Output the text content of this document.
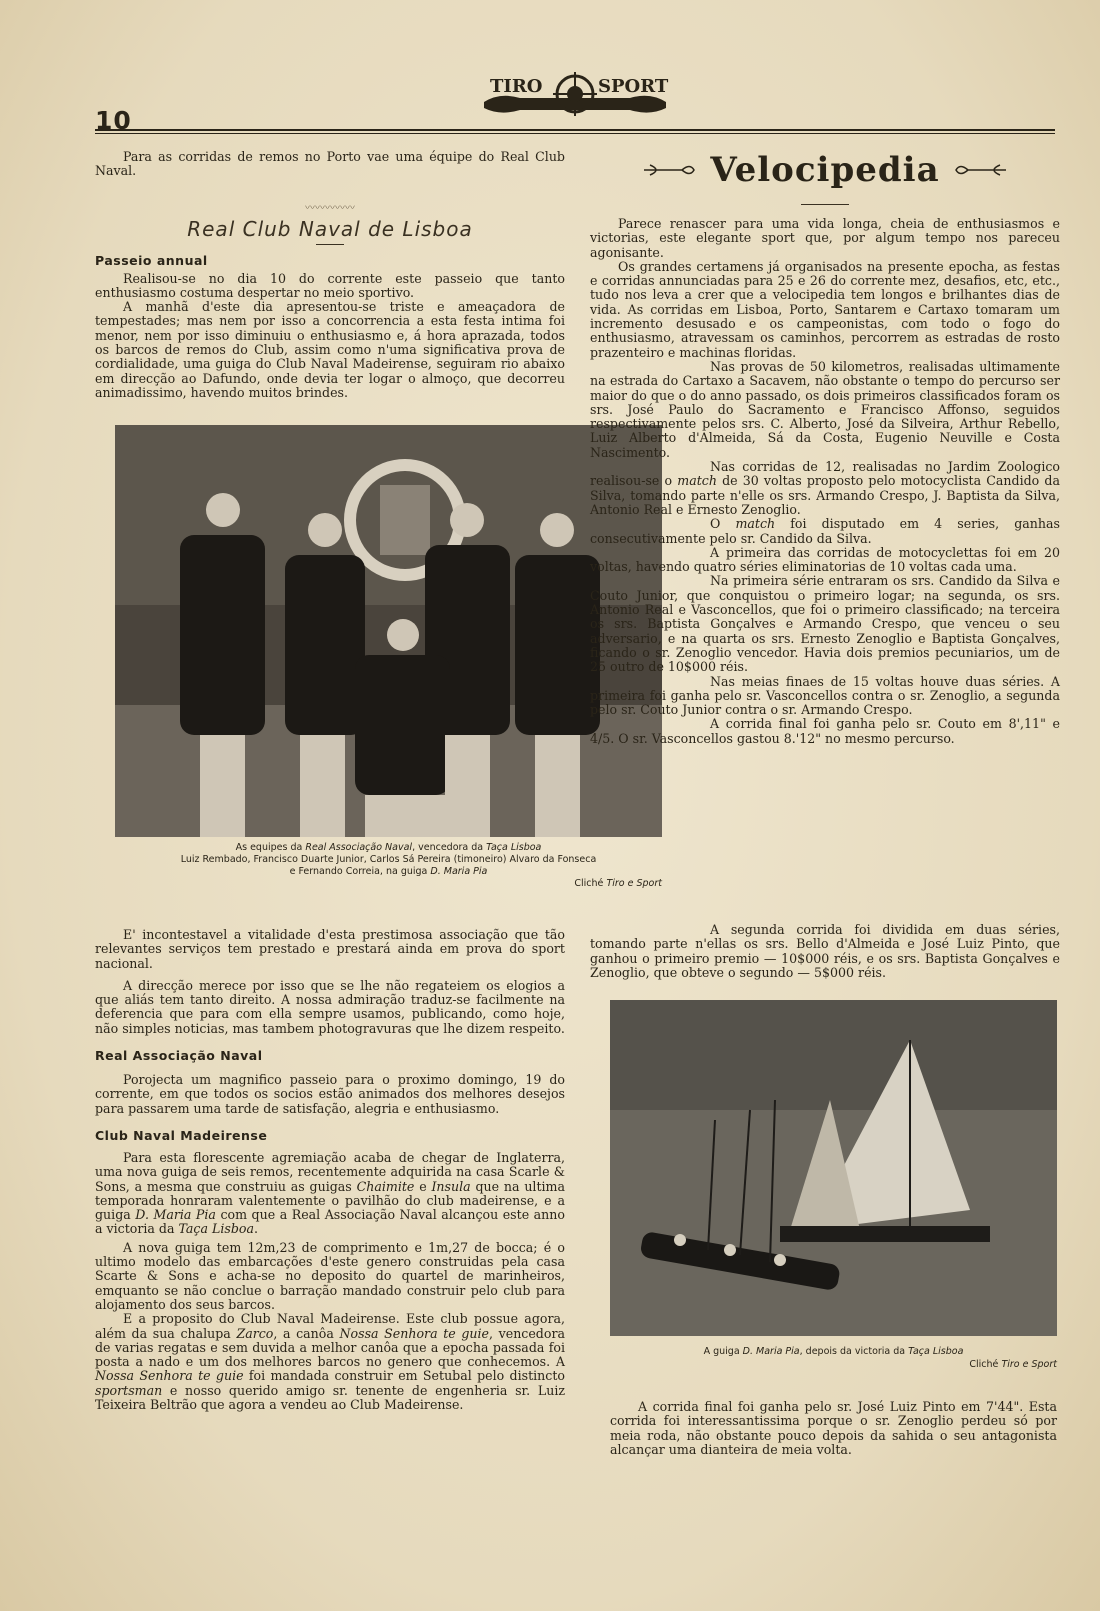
TIRO	SPORT
10

Para as corridas de remos no Porto vae uma équipe do Real Club Naval.

〰〰〰〰〰
Real Club Naval de Lisboa
Passeio annual

Realisou-se no dia 10 do corrente este passeio que tanto enthusiasmo costuma despertar no meio sportivo.

A manhã d'este dia apresentou-se triste e ameaçadora de tempestades; mas nem por isso a concorrencia a esta festa intima foi menor, nem por isso diminuiu o enthusiasmo e, á hora aprazada, todos os barcos de remos do Club, assim como n'uma significativa prova de cordialidade, uma guiga do Club Naval Madeirense, seguiram rio abaixo em direcção ao Dafundo, onde devia ter logar o almoço, que decorreu animadissimo, havendo muitos brindes.

As equipes da Real Associação Naval, vencedora da Taça Lisboa
Luiz Rembado, Francisco Duarte Junior, Carlos Sá Pereira (timoneiro) Alvaro da Fonseca
e Fernando Correia, na guiga D. Maria Pia
Cliché Tiro e Sport

E' incontestavel a vitalidade d'esta prestimosa associação que tão relevantes serviços tem prestado e prestará ainda em prova do sport nacional.

A direcção merece por isso que se lhe não regateiem os elogios a que aliás tem tanto direito. A nossa admiração traduz-se facilmente na deferencia que para com ella sempre usamos, publicando, como hoje, não simples noticias, mas tambem photogravuras que lhe dizem respeito.

Real Associação Naval

Porojecta um magnifico passeio para o proximo domingo, 19 do corrente, em que todos os socios estão animados dos melhores desejos para passarem uma tarde de satisfação, alegria e enthusiasmo.

Club Naval Madeirense

Para esta florescente agremiação acaba de chegar de Inglaterra, uma nova guiga de seis remos, recentemente adquirida na casa Scarle & Sons, a mesma que construiu as guigas Chaimite e Insula que na ultima temporada honraram valentemente o pavilhão do club madeirense, e a guiga D. Maria Pia com que a Real Associação Naval alcançou este anno a victoria da Taça Lisboa.

A nova guiga tem 12m,23 de comprimento e 1m,27 de bocca; é o ultimo modelo das embarcações d'este genero construidas pela casa Scarte & Sons e acha-se no deposito do quartel de marinheiros, emquanto se não conclue o barração mandado construir pelo club para alojamento dos seus barcos.

E a proposito do Club Naval Madeirense. Este club possue agora, além da sua chalupa Zarco, a canôa Nossa Senhora te guie, vencedora de varias regatas e sem duvida a melhor canôa que a epocha passada foi posta a nado e um dos melhores barcos no genero que conhecemos. A Nossa Senhora te guie foi mandada construir em Setubal pelo distincto sportsman e nosso querido amigo sr. tenente de engenheria sr. Luiz Teixeira Beltrão que agora a vendeu ao Club Madeirense.

Velocipedia

Parece renascer para uma vida longa, cheia de enthusiasmos e victorias, este elegante sport que, por algum tempo nos pareceu agonisante.

Os grandes certamens já organisados na presente epocha, as festas e corridas annunciadas para 25 e 26 do corrente mez, desafios, etc, etc., tudo nos leva a crer que a velocipedia tem longos e brilhantes dias de vida. As corridas em Lisboa, Porto, Santarem e Cartaxo tomaram um incremento desusado e os campeonistas, com todo o fogo do enthusiasmo, atravessam os caminhos, percorrem as estradas de rosto prazenteiro e machinas floridas.

Nas provas de 50 kilometros, realisadas ultimamente na estrada do Cartaxo a Sacavem, não obstante o tempo do percurso ser maior do que o do anno passado, os dois primeiros classificados foram os srs. José Paulo do Sacramento e Francisco Affonso, seguidos respectivamente pelos srs. C. Alberto, José da Silveira, Arthur Rebello, Luiz Alberto d'Almeida, Sá da Costa, Eugenio Neuville e Costa Nascimento.

Nas corridas de 12, realisadas no Jardim Zoologico realisou-se o match de 30 voltas proposto pelo motocyclista Candido da Silva, tomando parte n'elle os srs. Armando Crespo, J. Baptista da Silva, Antonio Real e Ernesto Zenoglio.

O match foi disputado em 4 series, ganhas consecutivamente pelo sr. Candido da Silva.

A primeira das corridas de motocyclettas foi em 20 voltas, havendo quatro séries eliminatorias de 10 voltas cada uma.

Na primeira série entraram os srs. Candido da Silva e Couto Junior, que conquistou o primeiro logar; na segunda, os srs. Antonio Real e Vasconcellos, que foi o primeiro classificado; na terceira os srs. Baptista Gonçalves e Armando Crespo, que venceu o seu adversario, e na quarta os srs. Ernesto Zenoglio e Baptista Gonçalves, ficando o sr. Zenoglio vencedor. Havia dois premios pecuniarios, um de 25 outro de 10$000 réis.

Nas meias finaes de 15 voltas houve duas séries. A primeira foi ganha pelo sr. Vasconcellos contra o sr. Zenoglio, a segunda pelo sr. Couto Junior contra o sr. Armando Crespo.

A corrida final foi ganha pelo sr. Couto em 8',11" e 4/5. O sr. Vasconcellos gastou 8.'12" no mesmo percurso.

A segunda corrida foi dividida em duas séries, tomando parte n'ellas os srs. Bello d'Almeida e José Luiz Pinto, que ganhou o primeiro premio — 10$000 réis, e os srs. Baptista Gonçalves e Zenoglio, que obteve o segundo — 5$000 réis.

A guiga D. Maria Pia, depois da victoria da Taça Lisboa
Cliché Tiro e Sport

A corrida final foi ganha pelo sr. José Luiz Pinto em 7'44". Esta corrida foi interessantissima porque o sr. Zenoglio perdeu só por meia roda, não obstante pouco depois da sahida o seu antagonista alcançar uma dianteira de meia volta.
